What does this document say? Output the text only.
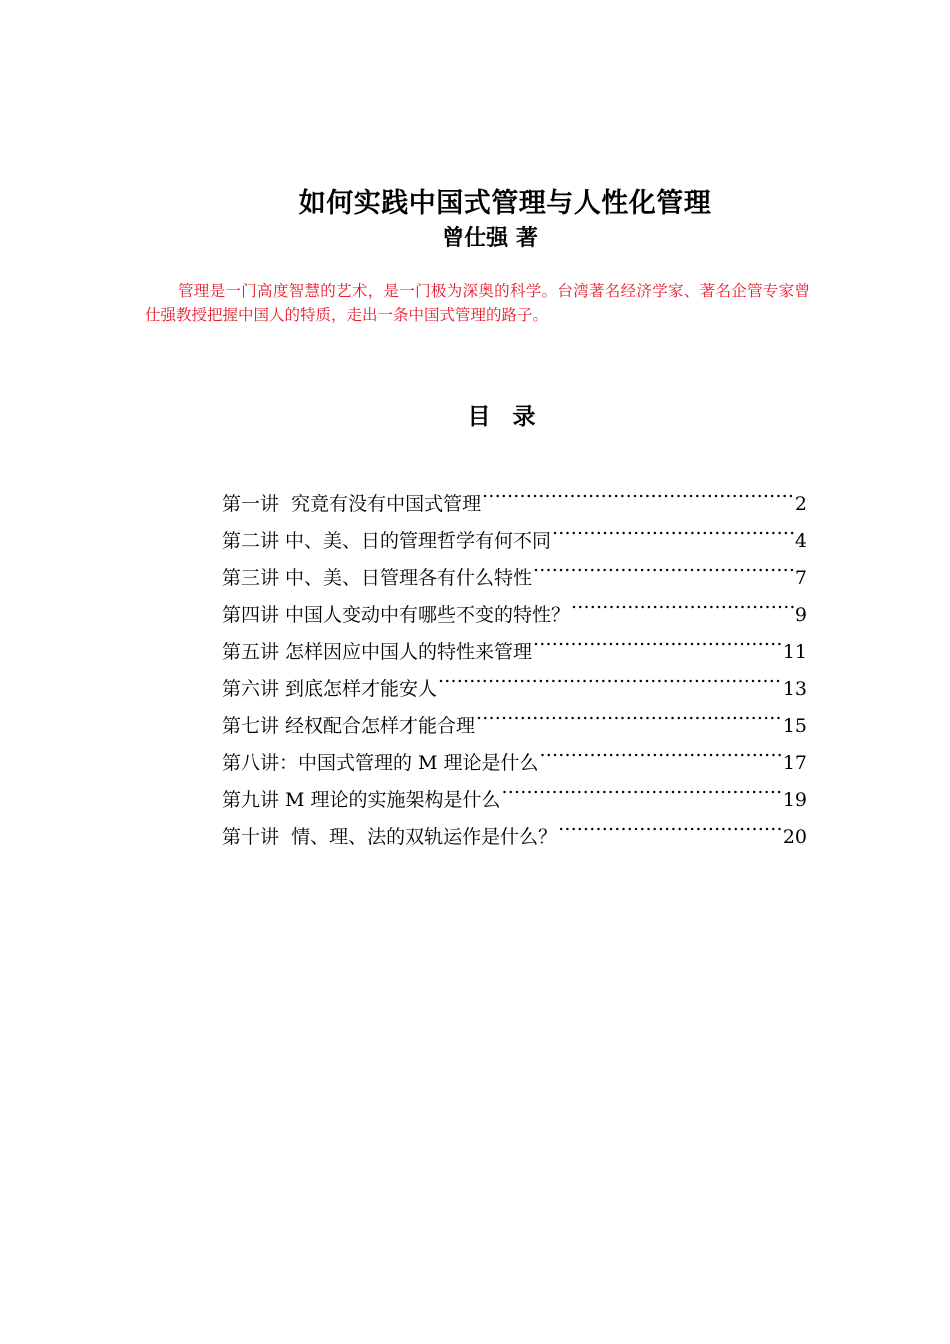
如何实践中国式管理与人性化管理
曾仕强 著

管理是一门高度智慧的艺术，是一门极为深奥的科学。台湾著名经济学家、著名企管专家曾仕强教授把握中国人的特质，走出一条中国式管理的路子。

目 录
第一讲  究竟有没有中国式管理 .....	2
第二讲 中、美、日的管理哲学有何不同 .....	4
第三讲 中、美、日管理各有什么特性 .....	7
第四讲 中国人变动中有哪些不变的特性？ .....	9
第五讲 怎样因应中国人的特性来管理 .....	11
第六讲 到底怎样才能安人 .....	13
第七讲 经权配合怎样才能合理 .....	15
第八讲：中国式管理的 M 理论是什么 .....	17
第九讲 M 理论的实施架构是什么 .....	19
第十讲  情、理、法的双轨运作是什么？ .....	20
